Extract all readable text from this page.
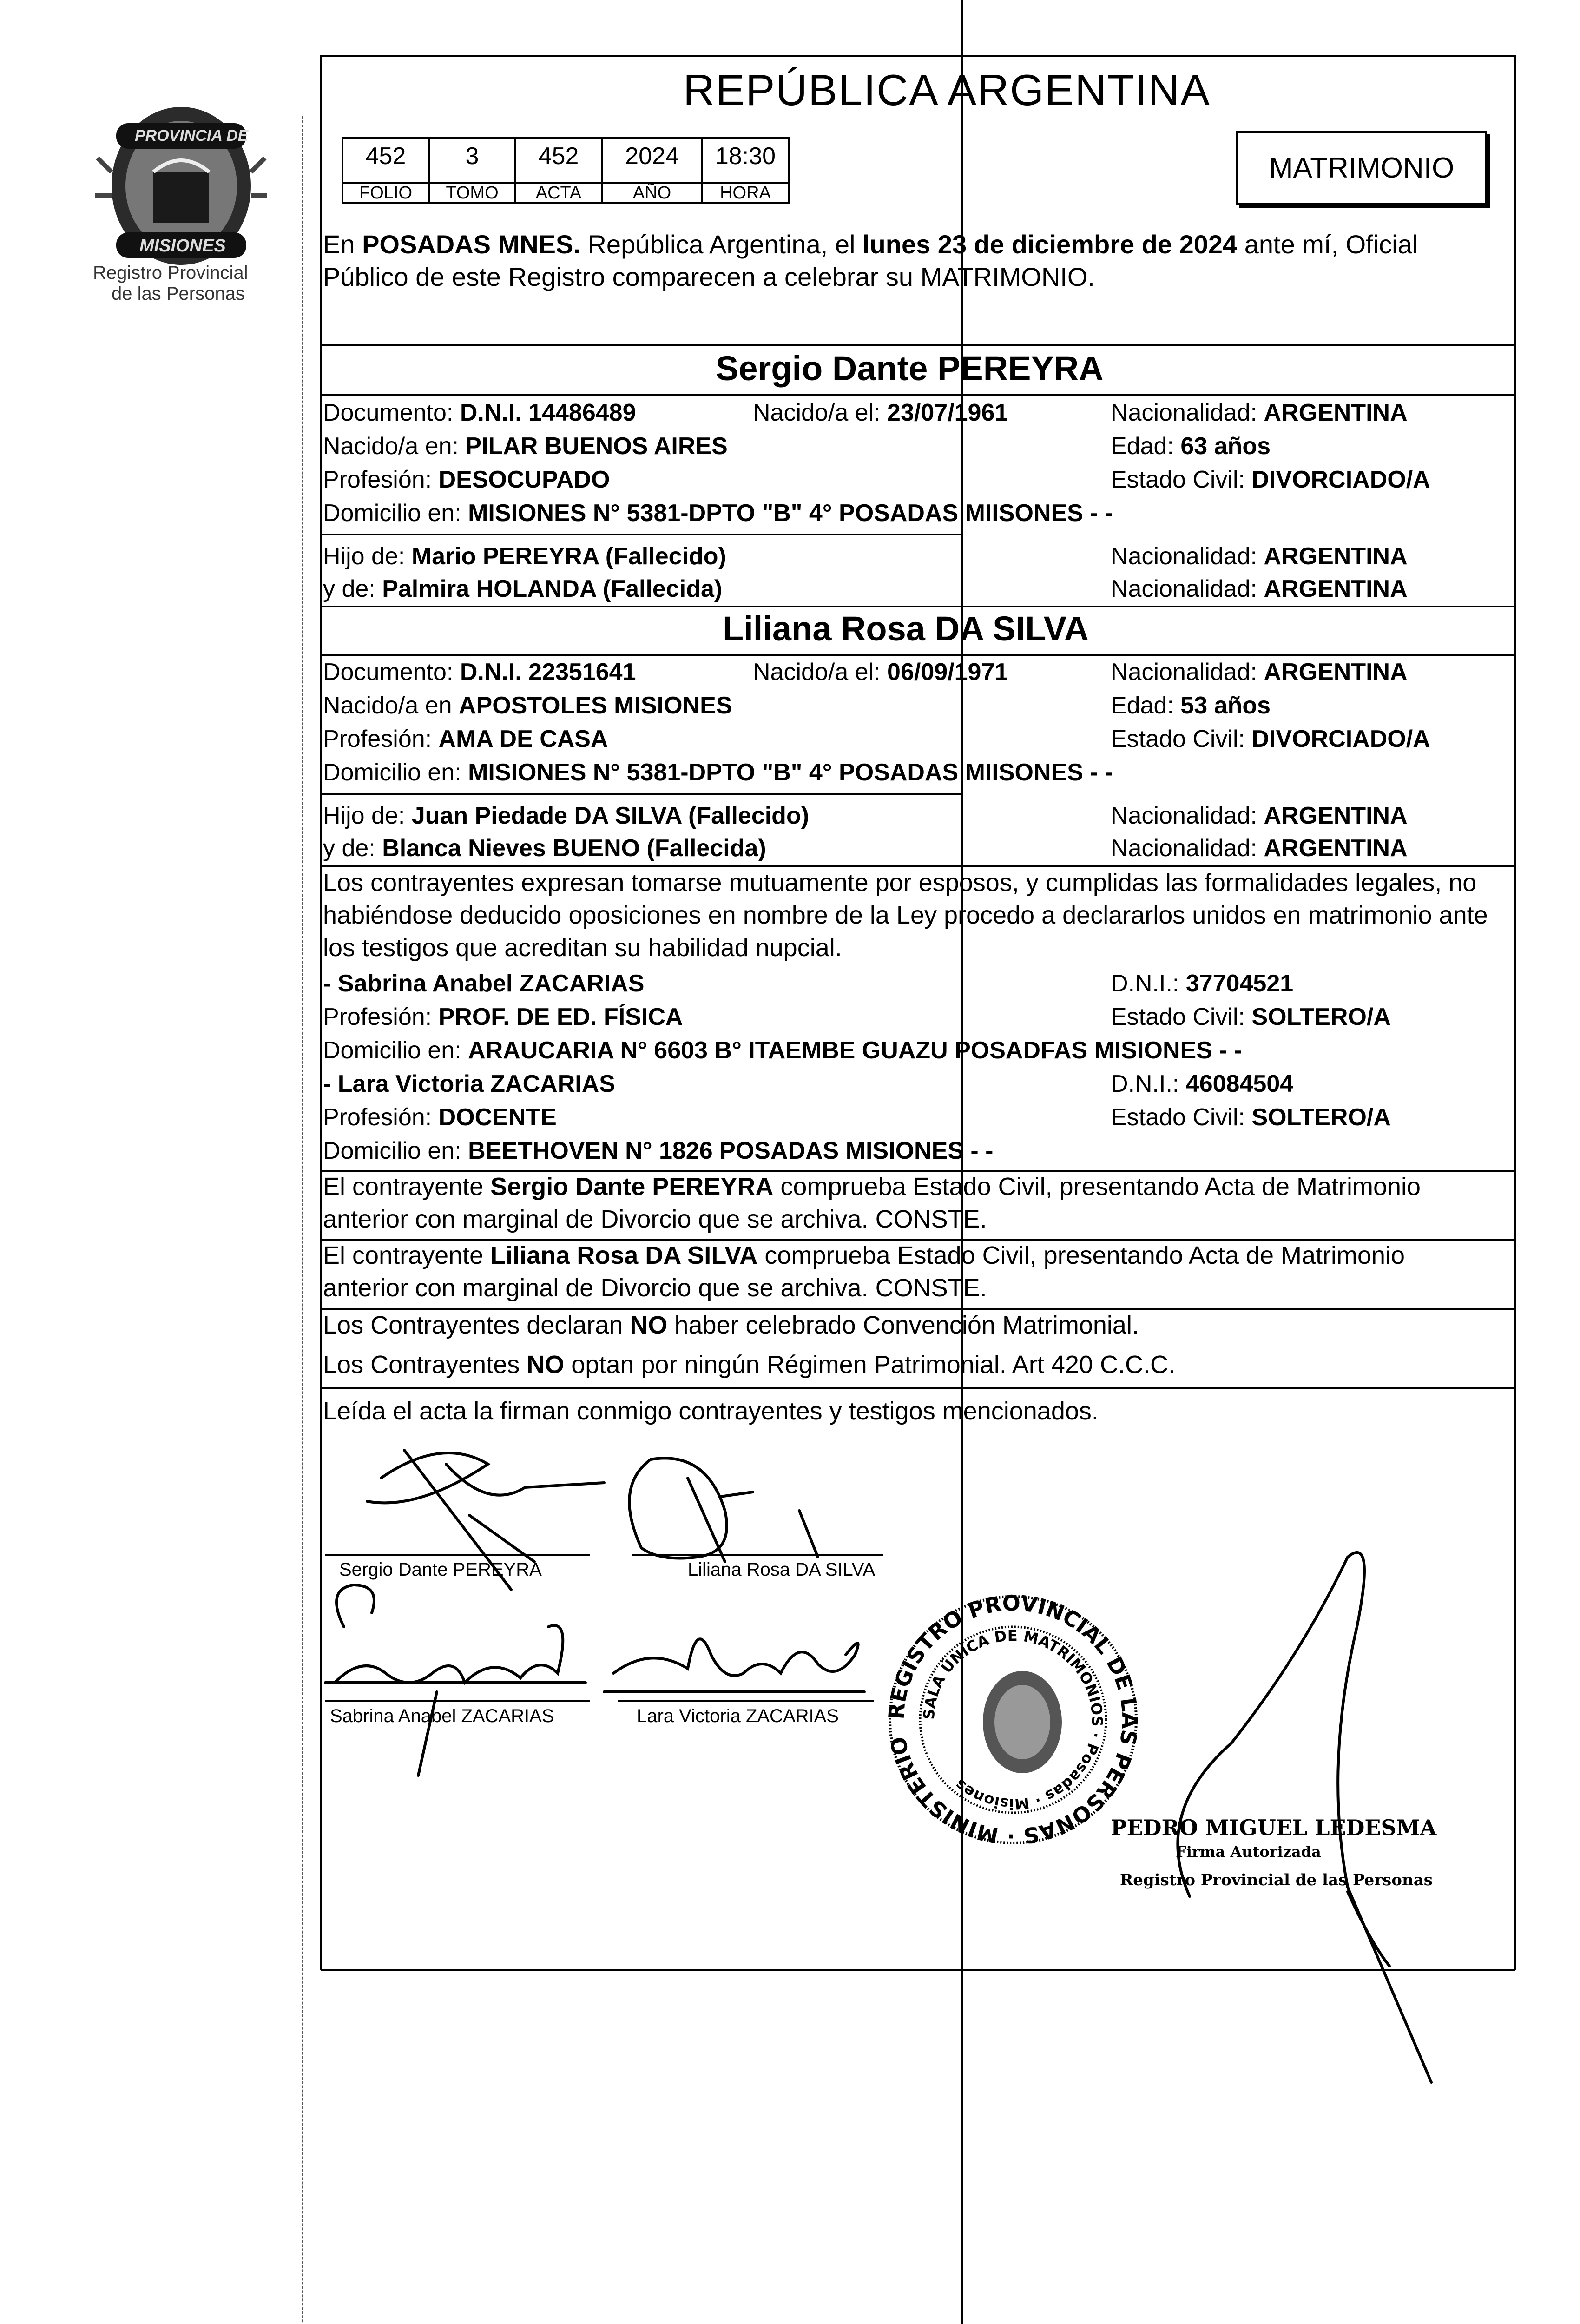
PROVINCIA DE
MISIONES
Registro Provincial
de las Personas
REPÚBLICA ARGENTINA
452	3	452	2024	18:30
FOLIO	TOMO	ACTA	AÑO	HORA
MATRIMONIO
En POSADAS MNES. República Argentina, el lunes 23 de diciembre de 2024 ante mí, Oficial
Público de este Registro comparecen a celebrar su MATRIMONIO.
Sergio Dante PEREYRA
Documento: D.N.I. 14486489	Nacido/a el: 23/07/1961	Nacionalidad: ARGENTINA
Nacido/a en: PILAR BUENOS AIRES	Edad: 63 años
Profesión: DESOCUPADO	Estado Civil: DIVORCIADO/A
Domicilio en: MISIONES N° 5381-DPTO "B" 4° POSADAS MIISONES - -
Hijo de: Mario PEREYRA (Fallecido)	Nacionalidad: ARGENTINA
y de: Palmira HOLANDA (Fallecida)	Nacionalidad: ARGENTINA
Liliana Rosa DA SILVA
Documento: D.N.I. 22351641	Nacido/a el: 06/09/1971	Nacionalidad: ARGENTINA
Nacido/a en APOSTOLES MISIONES	Edad: 53 años
Profesión: AMA DE CASA	Estado Civil: DIVORCIADO/A
Domicilio en: MISIONES N° 5381-DPTO "B" 4° POSADAS MIISONES - -
Hijo de: Juan Piedade DA SILVA (Fallecido)	Nacionalidad: ARGENTINA
y de: Blanca Nieves BUENO (Fallecida)	Nacionalidad: ARGENTINA
Los contrayentes expresan tomarse mutuamente por esposos, y cumplidas las formalidades legales, no
habiéndose deducido oposiciones en nombre de la Ley procedo a declararlos unidos en matrimonio ante
los testigos que acreditan su habilidad nupcial.
- Sabrina Anabel ZACARIAS	D.N.I.: 37704521
Profesión: PROF. DE ED. FÍSICA	Estado Civil: SOLTERO/A
Domicilio en: ARAUCARIA N° 6603 B° ITAEMBE GUAZU POSADFAS MISIONES - -
- Lara Victoria ZACARIAS	D.N.I.: 46084504
Profesión: DOCENTE	Estado Civil: SOLTERO/A
Domicilio en: BEETHOVEN N° 1826 POSADAS MISIONES - -
El contrayente Sergio Dante PEREYRA comprueba Estado Civil, presentando Acta de Matrimonio
anterior con marginal de Divorcio que se archiva. CONSTE.
El contrayente Liliana Rosa DA SILVA comprueba Estado Civil, presentando Acta de Matrimonio
anterior con marginal de Divorcio que se archiva. CONSTE.
Los Contrayentes declaran NO haber celebrado Convención Matrimonial.
Los Contrayentes NO optan por ningún Régimen Patrimonial. Art 420 C.C.C.
Leída el acta la firman conmigo contrayentes y testigos mencionados.
Sergio Dante PEREYRA	Liliana Rosa DA SILVA
Sabrina Anabel ZACARIAS	Lara Victoria ZACARIAS	REGISTRO PROVINCIAL DE LAS PERSONAS · MINISTERIO
SALA ÚNICA DE MATRIMONIOS · Posadas · Misiones
PEDRO MIGUEL LEDESMA
Firma Autorizada
Registro Provincial de las Personas
